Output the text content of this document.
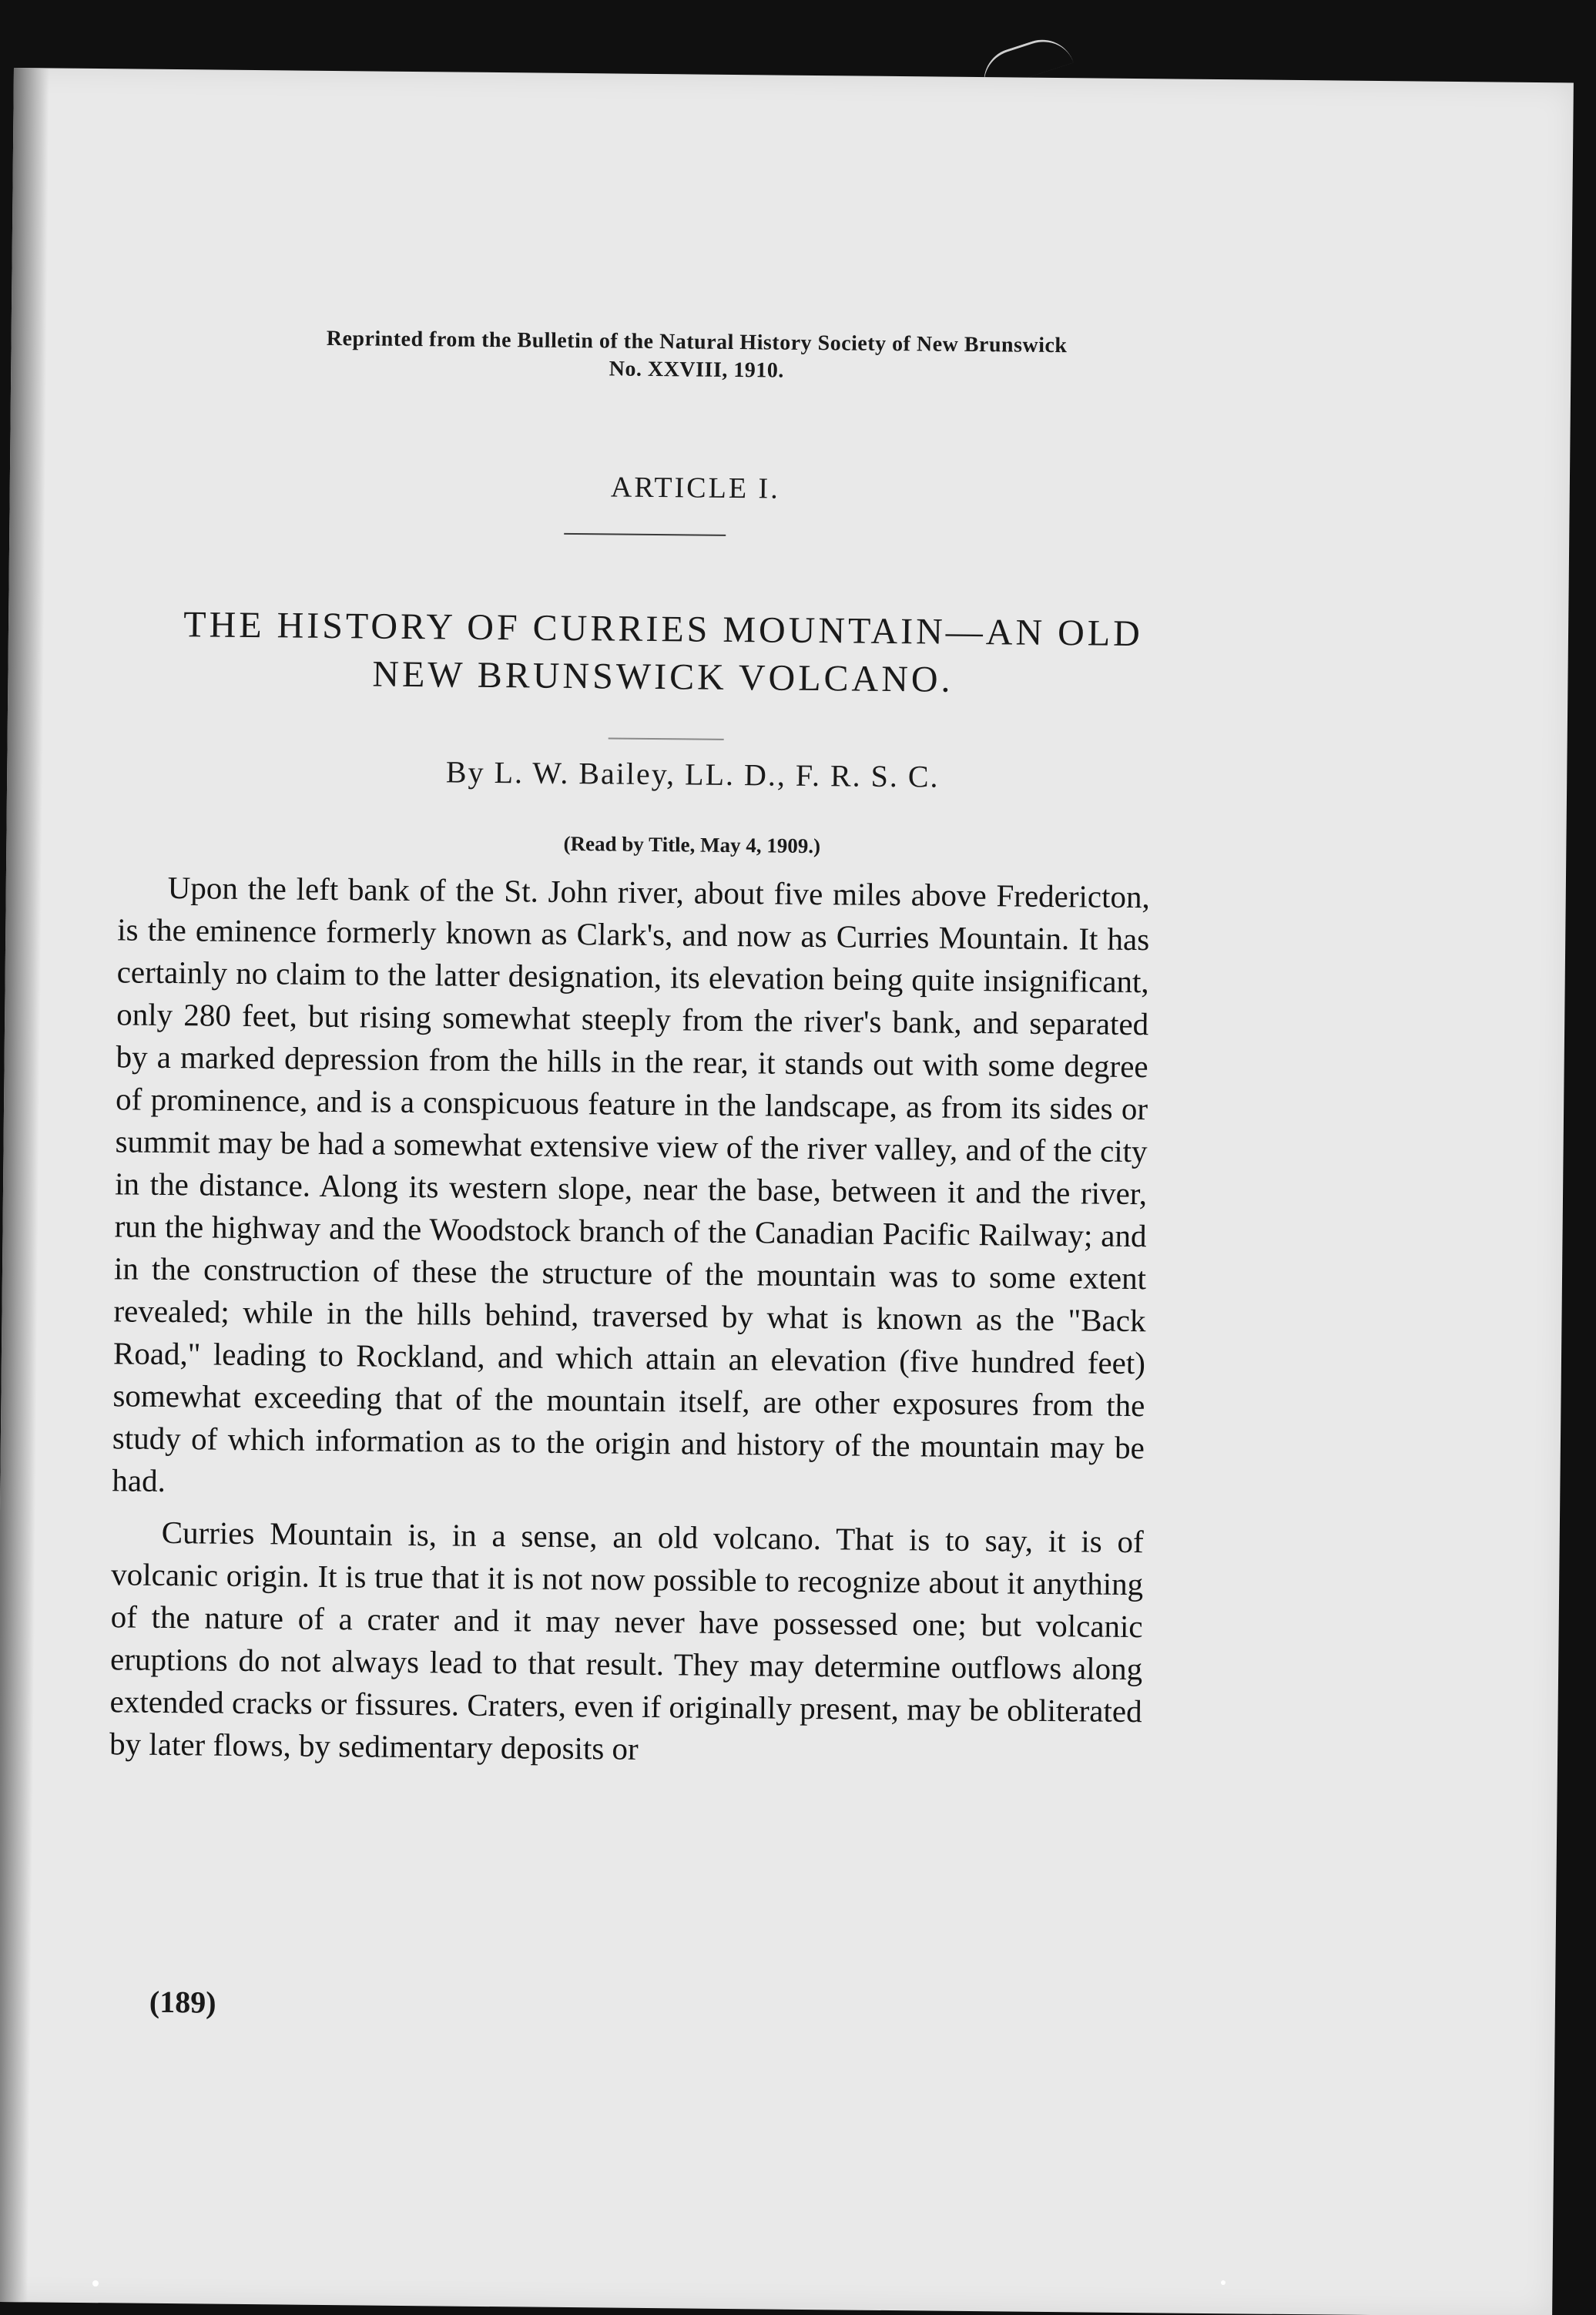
Reprinted from the Bulletin of the Natural History Society of New Brunswick
No. XXVIII, 1910.
ARTICLE I.
THE HISTORY OF CURRIES MOUNTAIN—AN OLD
NEW BRUNSWICK VOLCANO.
By L. W. Bailey, LL. D., F. R. S. C.
(Read by Title, May 4, 1909.)

Upon the left bank of the St. John river, about five miles above Fredericton, is the eminence formerly known as Clark's, and now as Curries Mountain. It has certainly no claim to the latter designation, its elevation being quite insignificant, only 280 feet, but rising somewhat steeply from the river's bank, and separated by a marked depression from the hills in the rear, it stands out with some degree of prominence, and is a conspicuous feature in the landscape, as from its sides or summit may be had a somewhat extensive view of the river valley, and of the city in the distance. Along its western slope, near the base, between it and the river, run the highway and the Woodstock branch of the Canadian Pacific Railway; and in the construction of these the structure of the mountain was to some extent revealed; while in the hills behind, traversed by what is known as the "Back Road," leading to Rockland, and which attain an elevation (five hundred feet) somewhat exceeding that of the mountain itself, are other exposures from the study of which information as to the origin and history of the mountain may be had.

Curries Mountain is, in a sense, an old volcano. That is to say, it is of volcanic origin. It is true that it is not now possible to recognize about it anything of the nature of a crater and it may never have possessed one; but volcanic eruptions do not always lead to that result. They may determine outflows along extended cracks or fissures. Craters, even if originally present, may be obliterated by later flows, by sedimentary deposits or

(189)
